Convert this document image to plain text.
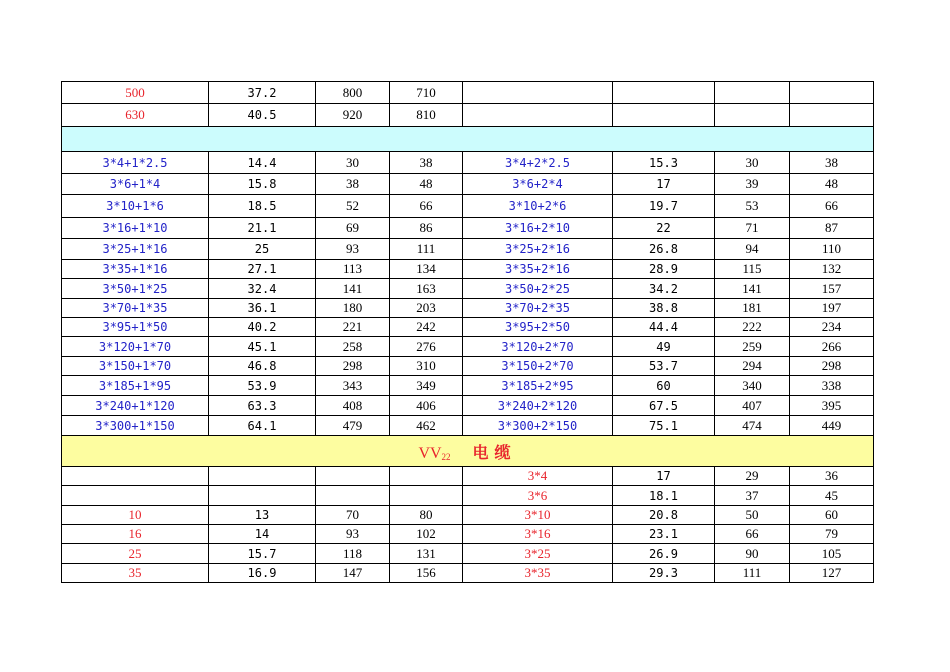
500	37.2	800	710				
630	40.5	920	810				

3*4+1*2.5	14.4	30	38	3*4+2*2.5	15.3	30	38
3*6+1*4	15.8	38	48	3*6+2*4	17	39	48
3*10+1*6	18.5	52	66	3*10+2*6	19.7	53	66
3*16+1*10	21.1	69	86	3*16+2*10	22	71	87
3*25+1*16	25	93	111	3*25+2*16	26.8	94	110
3*35+1*16	27.1	113	134	3*35+2*16	28.9	115	132
3*50+1*25	32.4	141	163	3*50+2*25	34.2	141	157
3*70+1*35	36.1	180	203	3*70+2*35	38.8	181	197
3*95+1*50	40.2	221	242	3*95+2*50	44.4	222	234
3*120+1*70	45.1	258	276	3*120+2*70	49	259	266
3*150+1*70	46.8	298	310	3*150+2*70	53.7	294	298
3*185+1*95	53.9	343	349	3*185+2*95	60	340	338
3*240+1*120	63.3	408	406	3*240+2*120	67.5	407	395
3*300+1*150	64.1	479	462	3*300+2*150	75.1	474	449
$VV_{22}$ 电缆							
				3*4	17	29	36
				3*6	18.1	37	45
10	13	70	80	3*10	20.8	50	60
16	14	93	102	3*16	23.1	66	79
25	15.7	118	131	3*25	26.9	90	105
35	16.9	147	156	3*35	29.3	111	127
